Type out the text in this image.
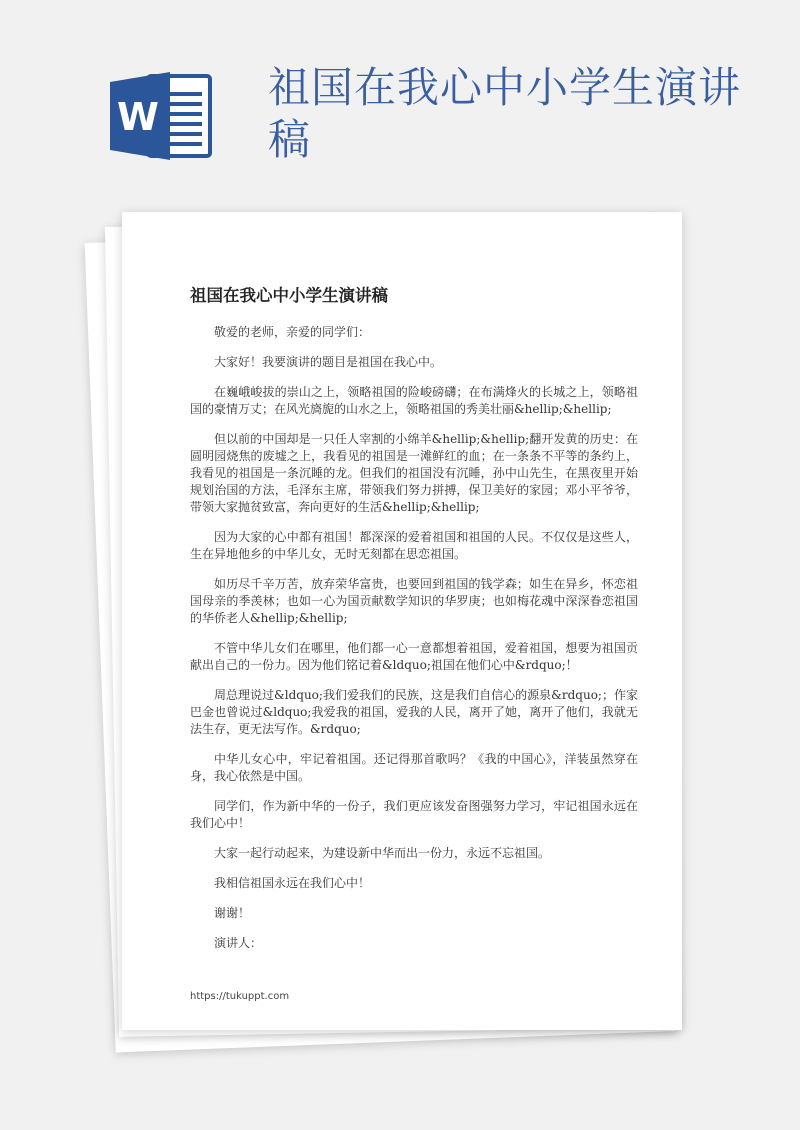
W
祖国在我心中小学生演讲稿
祖国在我心中小学生演讲稿

敬爱的老师，亲爱的同学们：

大家好！我要演讲的题目是祖国在我心中。

在巍峨峻拔的崇山之上，领略祖国的险峻磅礴；在布满烽火的长城之上，领略祖国的豪情万丈；在风光旖旎的山水之上，领略祖国的秀美壮丽&hellip;&hellip;

但以前的中国却是一只任人宰割的小绵羊&hellip;&hellip;翻开发黄的历史：在圆明园烧焦的废墟之上，我看见的祖国是一滩鲜红的血；在一条条不平等的条约上，我看见的祖国是一条沉睡的龙。但我们的祖国没有沉睡，孙中山先生，在黑夜里开始规划治国的方法，毛泽东主席，带领我们努力拼搏，保卫美好的家园；邓小平爷爷，带领大家抛贫致富，奔向更好的生活&hellip;&hellip;

因为大家的心中都有祖国！都深深的爱着祖国和祖国的人民。不仅仅是这些人，生在异地他乡的中华儿女，无时无刻都在思恋祖国。

如历尽千辛万苦，放弃荣华富贵，也要回到祖国的钱学森；如生在异乡，怀恋祖国母亲的季羡林；也如一心为国贡献数学知识的华罗庚；也如梅花魂中深深眷恋祖国的华侨老人&hellip;&hellip;

不管中华儿女们在哪里，他们都一心一意都想着祖国，爱着祖国，想要为祖国贡献出自己的一份力。因为他们铭记着&ldquo;祖国在他们心中&rdquo;！

周总理说过&ldquo;我们爱我们的民族，这是我们自信心的源泉&rdquo;；作家巴金也曾说过&ldquo;我爱我的祖国，爱我的人民，离开了她，离开了他们，我就无法生存，更无法写作。&rdquo;

中华儿女心中，牢记着祖国。还记得那首歌吗？《我的中国心》，洋装虽然穿在身，我心依然是中国。

同学们，作为新中华的一份子，我们更应该发奋图强努力学习，牢记祖国永远在我们心中！

大家一起行动起来，为建设新中华而出一份力，永远不忘祖国。

我相信祖国永远在我们心中！

谢谢！

演讲人：

https://tukuppt.com
